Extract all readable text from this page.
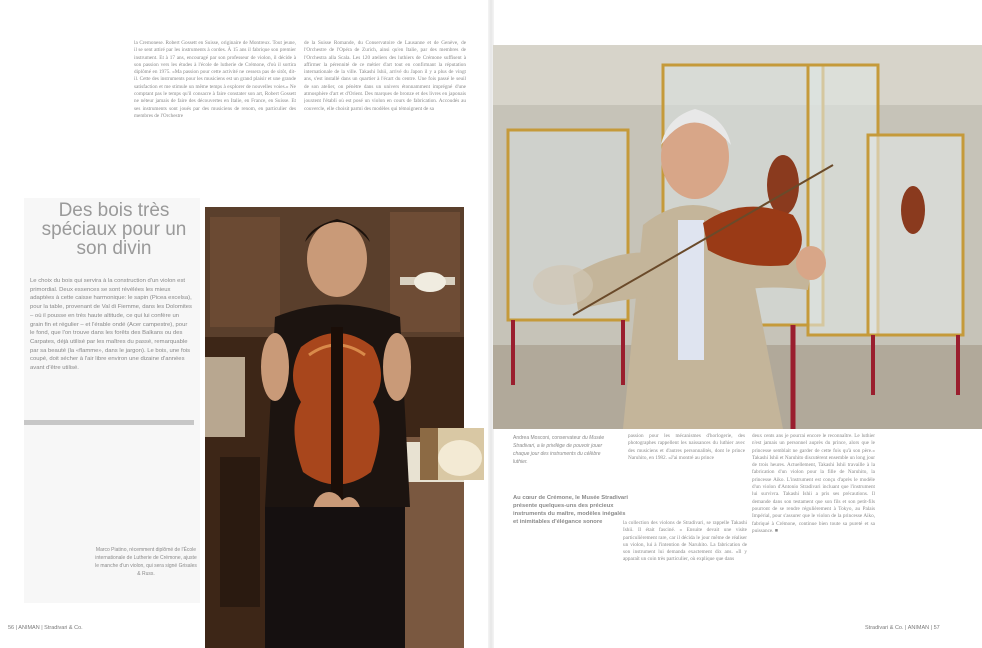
la Cremonese. Robert Gossett en Suisse, originaire de Montreux. Tout jeune, il se sent attiré par les instruments à cordes. À 15 ans il fabrique son premier instrument. Et à 17 ans, encouragé par son professeur de violon, il décide à son passion vers les études à l'école de lutherie de Crémone, d'où il sortira diplômé en 1975. «Ma passion pour cette activité ne cessera pas de sitôt, dit-il. Cette des instruments pour les musiciens est un grand plaisir et une grande satisfaction et me stimule un même temps à explorer de nouvelles voies.» Ne comptant pas le temps qu'il consacre à faire constater son art, Robert Gossett ne néteur jamais de faire des découvertes en Italie, en France, en Suisse. Et ses instruments sont joués par des musiciens de renom, en particulier des membres de l'Orchestre

de la Suisse Romande, du Conservatoire de Lausanne et de Genève, de l'Orchestre de l'Opéra de Zurich, ainsi qu'en Italie, par des membres de l'Orchestra alla Scala. Les 120 ateliers des luthiers de Crémone suffisent à affirmer la pérennité de ce métier d'art tout en confirmant la réputation internationale de la ville. Takashi Ishii, arrivé du Japon il y a plus de vingt ans, s'est installé dans un quartier à l'écart du centre. Une fois passé le seuil de son atelier, on pénètre dans un univers étonnamment imprégné d'une atmosphère d'art et d'Orient. Des marques de bronze et des livres en japonais jouxtent l'établi où est posé un violon en cours de fabrication. Accoudés au couvercle, elle choisit parmi des modèles qui témoignent de sa

Des bois très spéciaux pour un son divin

Le choix du bois qui servira à la construction d'un violon est primordial. Deux essences se sont révélées les mieux adaptées à cette caisse harmonique: le sapin (Picea excelsa), pour la table, provenant de Val di Fiemme, dans les Dolomites – où il pousse en très haute altitude, ce qui lui confère un grain fin et régulier – et l'érable ondé (Acer campestre), pour le fond, que l'on trouve dans les forêts des Balkans ou des Carpates, déjà utilisé par les maîtres du passé, remarquable par sa beauté (la «flamme», dans le jargon). Le bois, une fois coupé, doit sécher à l'air libre environ une dizaine d'années avant d'être utilisé.

Marco Piatino, récemment diplômé de l'École internationale de Lutherie de Crémone, ajuste le manche d'un violon, qui sera signé Grisales & Russ.

56 | ANIMAN | Stradivari & Co.

Andrea Mosconi, conservateur du Musée Stradivari, a le privilège de pouvoir jouer chaque jour des instruments du célèbre luthier.

passion pour les mécanismes d'horlogerie, des photographes rappellent les naissances du luthier avec des musiciens et d'autres personnalités, dont le prince Naruhito, en 1982. «J'ai montré au prince

Au cœur de Crémone, le Musée Stradivari présente quelques-uns des précieux instruments du maître, modèles inégalés et inimitables d'élégance sonore	la collection des violons de Stradivari, se rappelle Takashi Ishii. Il était fasciné. » Ensuite devait une visite particulièrement rare, car il décida le jour même de réaliser un violon, lui à l'intention de Naruhito. La fabrication de son instrument lui demanda exactement dix ans. «Il y apparaît un coin très particulier, où explique que dans

deux cents ans je pourrai encore le reconnaître. Le luthier n'est jamais un personnel auprès du prince, alors que le princesse semblait ne garder de cette fois qu'à son père.» Takashi Ishii et Naruhito discutèrent ensemble un long jour de trois heures. Actuellement, Takashi Ishii travaille à la fabrication d'un violon pour la fille de Naruhito, la princesse Aiko. L'instrument est conçu d'après le modèle d'un violon d'Antonio Stradivari incluant que l'instrument lui survivra. Takashi Ishii a pris ses précautions. Il demande dans son testament que son fils et son petit-fils pourront de se rendre régulièrement à Tokyo, au Palais Impérial, pour s'assurer que le violon de la princesse Aiko, fabriqué à Crémone, continue bien toute sa pureté et sa puissance. ■

Stradivari & Co. | ANIMAN | 57
